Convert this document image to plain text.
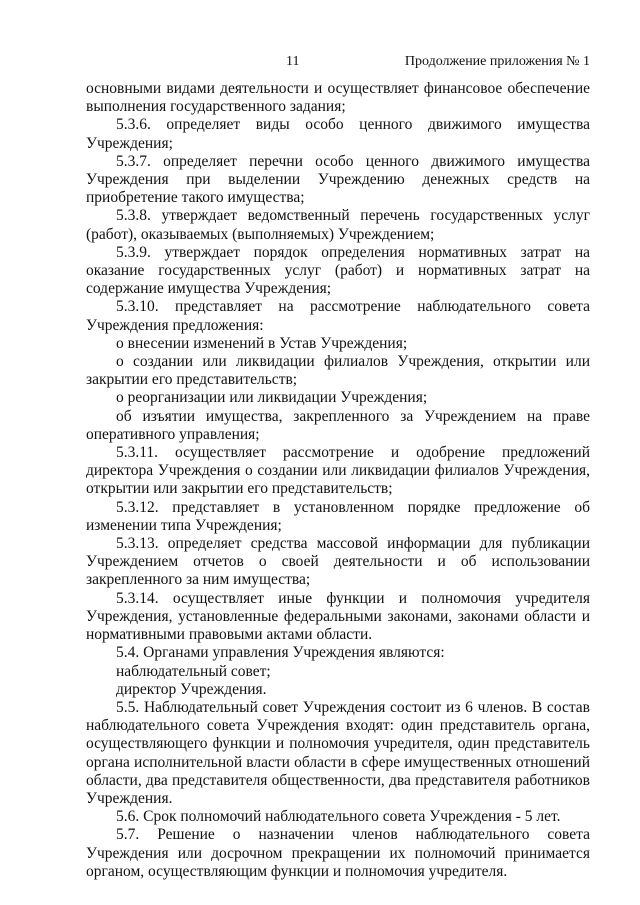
11	Продолжение приложения № 1

основными видами деятельности и осуществляет финансовое обеспечение выполнения государственного задания;

5.3.6. определяет виды особо ценного движимого имущества Учреждения;

5.3.7. определяет перечни особо ценного движимого имущества Учреждения при выделении Учреждению денежных средств на приобретение такого имущества;

5.3.8. утверждает ведомственный перечень государственных услуг (работ), оказываемых (выполняемых) Учреждением;

5.3.9. утверждает порядок определения нормативных затрат на оказание государственных услуг (работ) и нормативных затрат на содержание имущества Учреждения;

5.3.10. представляет на рассмотрение наблюдательного совета Учреждения предложения:

о внесении изменений в Устав Учреждения;

о создании или ликвидации филиалов Учреждения, открытии или закрытии его представительств;

о реорганизации или ликвидации Учреждения;

об изъятии имущества, закрепленного за Учреждением на праве оперативного управления;

5.3.11. осуществляет рассмотрение и одобрение предложений директора Учреждения о создании или ликвидации филиалов Учреждения, открытии или закрытии его представительств;

5.3.12. представляет в установленном порядке предложение об изменении типа Учреждения;

5.3.13. определяет средства массовой информации для публикации Учреждением отчетов о своей деятельности и об использовании закрепленного за ним имущества;

5.3.14. осуществляет иные функции и полномочия учредителя Учреждения, установленные федеральными законами, законами области и нормативными правовыми актами области.

5.4. Органами управления Учреждения являются:

наблюдательный совет;

директор Учреждения.

5.5. Наблюдательный совет Учреждения состоит из 6 членов. В состав наблюдательного совета Учреждения входят: один представитель органа, осуществляющего функции и полномочия учредителя, один представитель органа исполнительной власти области в сфере имущественных отношений области, два представителя общественности, два представителя работников Учреждения.

5.6. Срок полномочий наблюдательного совета Учреждения - 5 лет.

5.7. Решение о назначении членов наблюдательного совета Учреждения или досрочном прекращении их полномочий принимается органом, осуществляющим функции и полномочия учредителя.
